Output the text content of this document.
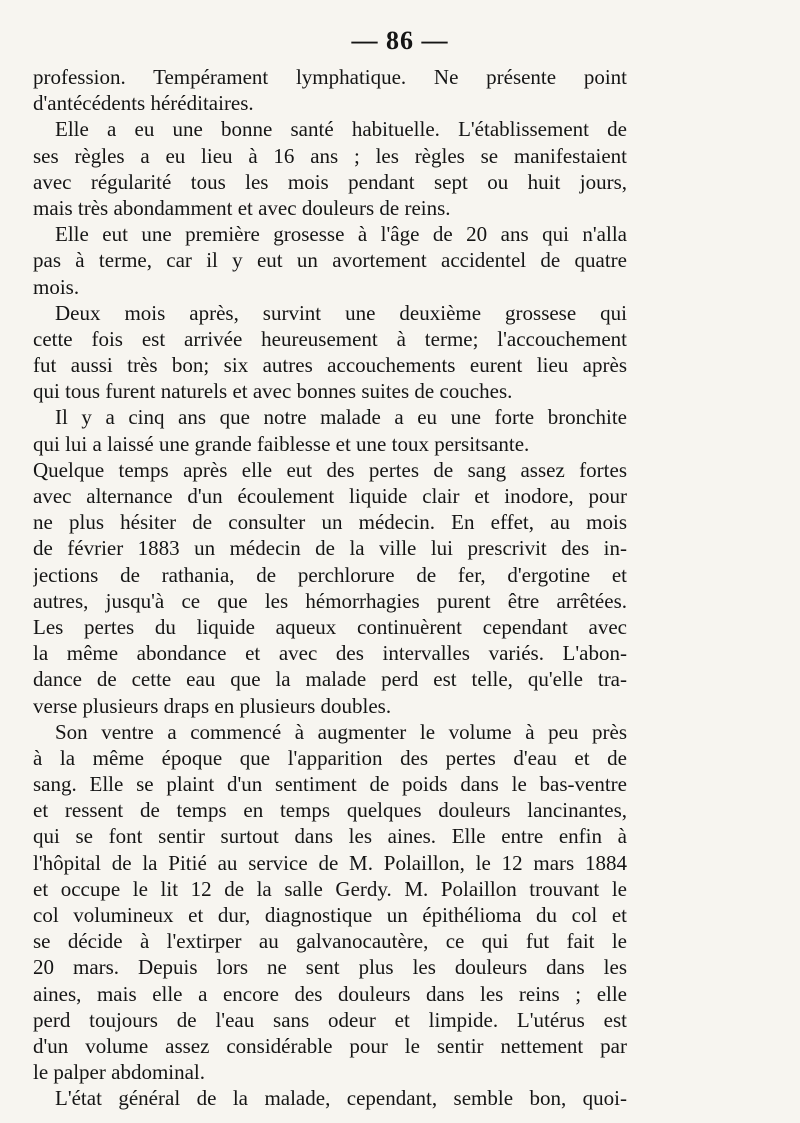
— 86 —
profession. Tempérament lymphatique. Ne présente point
d'antécédents héréditaires.
Elle a eu une bonne santé habituelle. L'établissement de
ses règles a eu lieu à 16 ans ; les règles se manifestaient
avec régularité tous les mois pendant sept ou huit jours,
mais très abondamment et avec douleurs de reins.
Elle eut une première grosesse à l'âge de 20 ans qui n'alla
pas à terme, car il y eut un avortement accidentel de quatre
mois.
Deux mois après, survint une deuxième grossese qui
cette fois est arrivée heureusement à terme; l'accouchement
fut aussi très bon; six autres accouchements eurent lieu après
qui tous furent naturels et avec bonnes suites de couches.
Il y a cinq ans que notre malade a eu une forte bronchite
qui lui a laissé une grande faiblesse et une toux persitsante.
Quelque temps après elle eut des pertes de sang assez fortes
avec alternance d'un écoulement liquide clair et inodore, pour
ne plus hésiter de consulter un médecin. En effet, au mois
de février 1883 un médecin de la ville lui prescrivit des in-
jections de rathania, de perchlorure de fer, d'ergotine et
autres, jusqu'à ce que les hémorrhagies purent être arrêtées.
Les pertes du liquide aqueux continuèrent cependant avec
la même abondance et avec des intervalles variés. L'abon-
dance de cette eau que la malade perd est telle, qu'elle tra-
verse plusieurs draps en plusieurs doubles.
Son ventre a commencé à augmenter le volume à peu près
à la même époque que l'apparition des pertes d'eau et de
sang. Elle se plaint d'un sentiment de poids dans le bas-ventre
et ressent de temps en temps quelques douleurs lancinantes,
qui se font sentir surtout dans les aines. Elle entre enfin à
l'hôpital de la Pitié au service de M. Polaillon, le 12 mars 1884
et occupe le lit 12 de la salle Gerdy. M. Polaillon trouvant le
col volumineux et dur, diagnostique un épithélioma du col et
se décide à l'extirper au galvanocautère, ce qui fut fait le
20 mars. Depuis lors ne sent plus les douleurs dans les
aines, mais elle a encore des douleurs dans les reins ; elle
perd toujours de l'eau sans odeur et limpide. L'utérus est
d'un volume assez considérable pour le sentir nettement par
le palper abdominal.
L'état général de la malade, cependant, semble bon, quoi-
